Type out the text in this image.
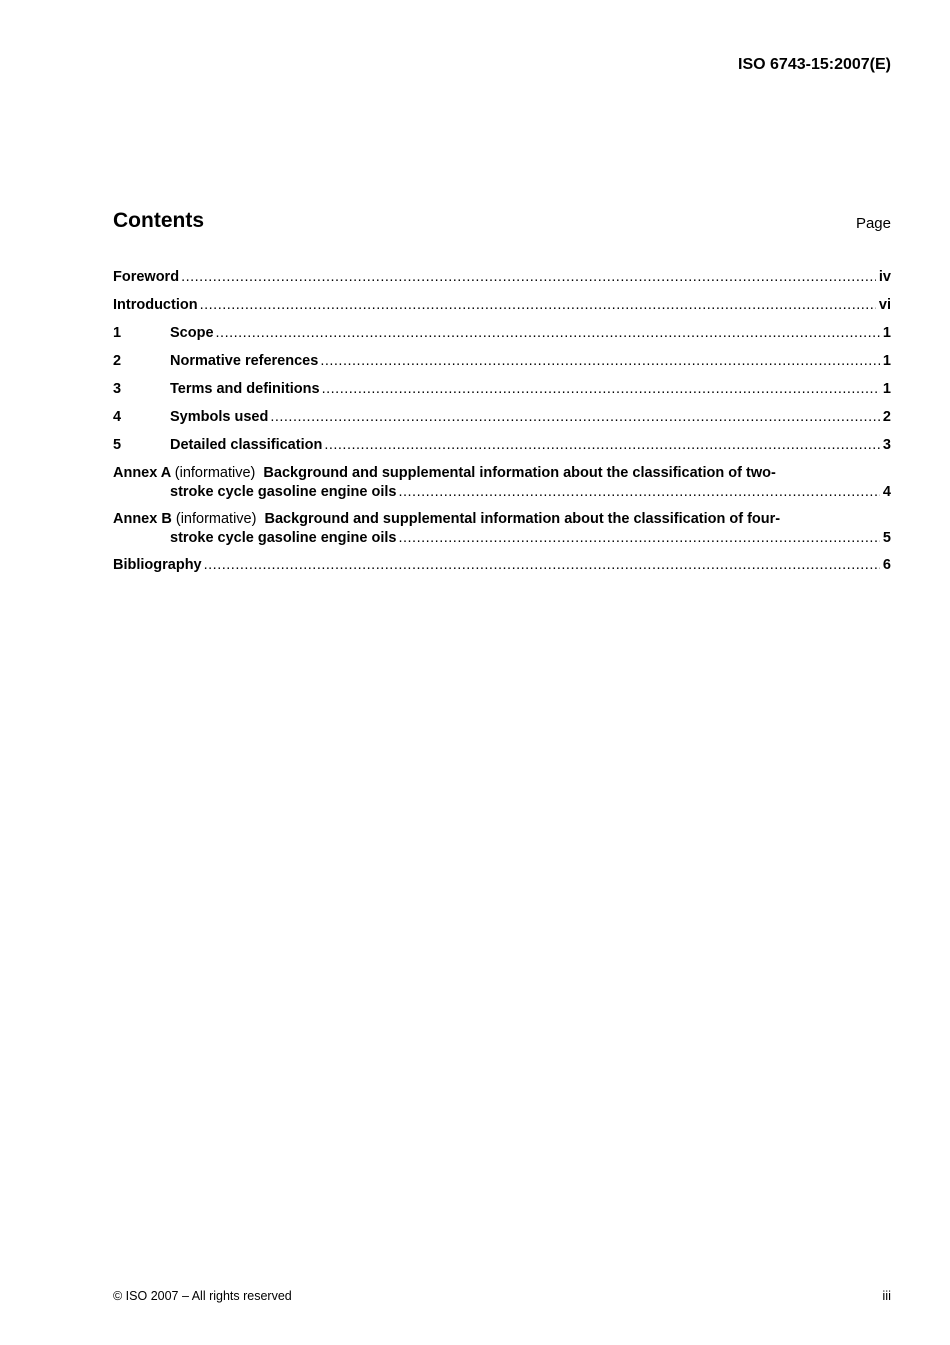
ISO 6743-15:2007(E)
Contents	Page
Foreword .....	iv
Introduction .....	vi
1	Scope .....	1
2	Normative references .....	1
3	Terms and definitions .....	1
4	Symbols used .....	2
5	Detailed classification .....	3
Annex A (informative) Background and supplemental information about the classification of two-
stroke cycle gasoline engine oils .....	4
Annex B (informative) Background and supplemental information about the classification of four-
stroke cycle gasoline engine oils .....	5
Bibliography .....	6
© ISO 2007 – All rights reserved	iii
